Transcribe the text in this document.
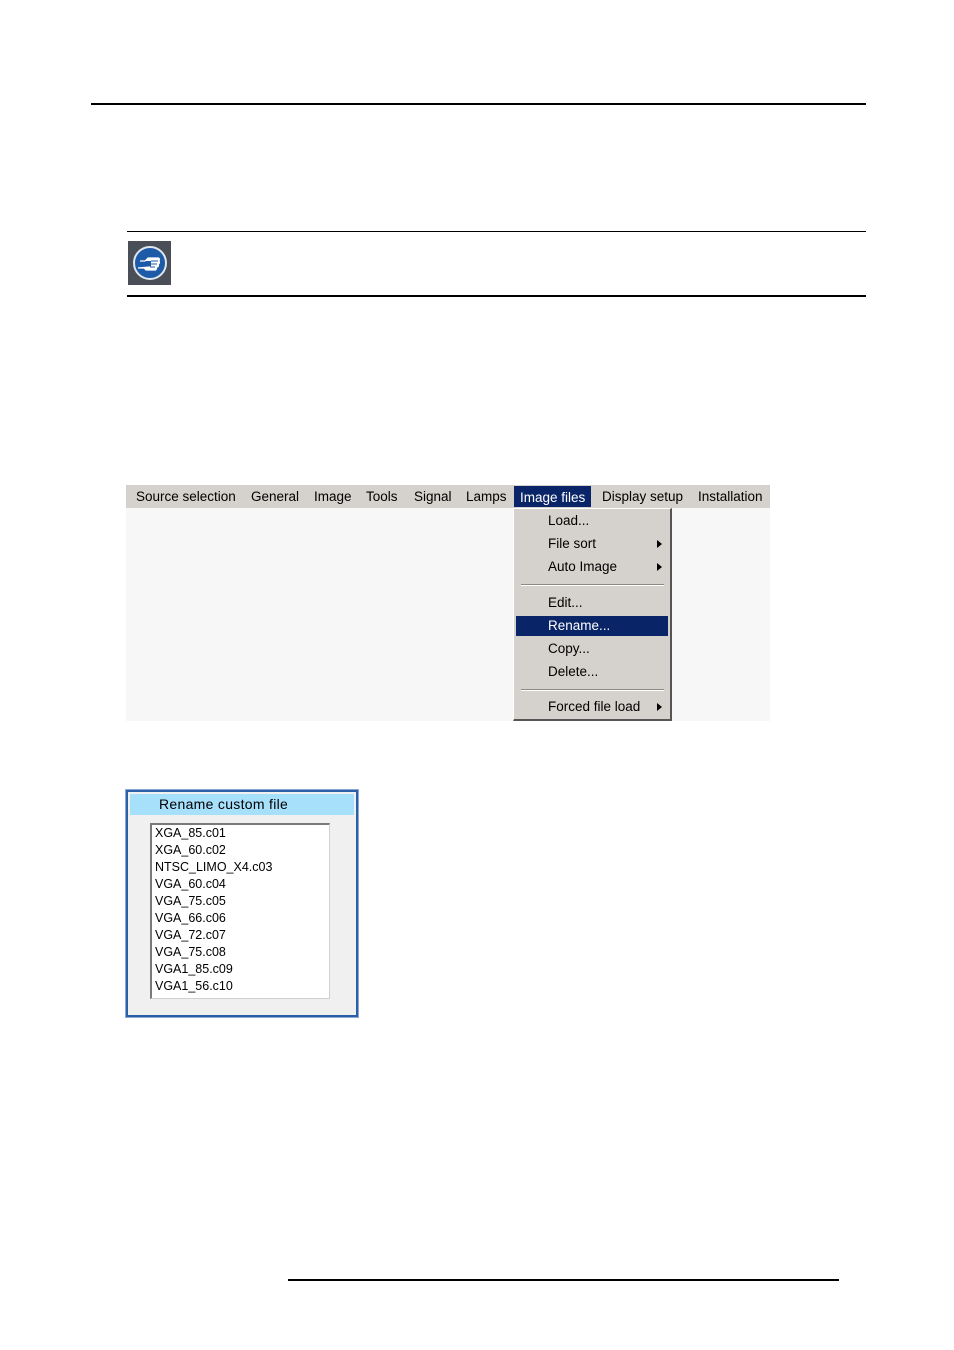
Source selection General Image Tools Signal Lamps Image files	Display setup Installation
Load...
File sort
Auto Image
Edit...
Rename...
Copy...
Delete...
Forced file load
Rename custom file
XGA_85.c01
XGA_60.c02
NTSC_LIMO_X4.c03
VGA_60.c04
VGA_75.c05
VGA_66.c06
VGA_72.c07
VGA_75.c08
VGA1_85.c09
VGA1_56.c10
